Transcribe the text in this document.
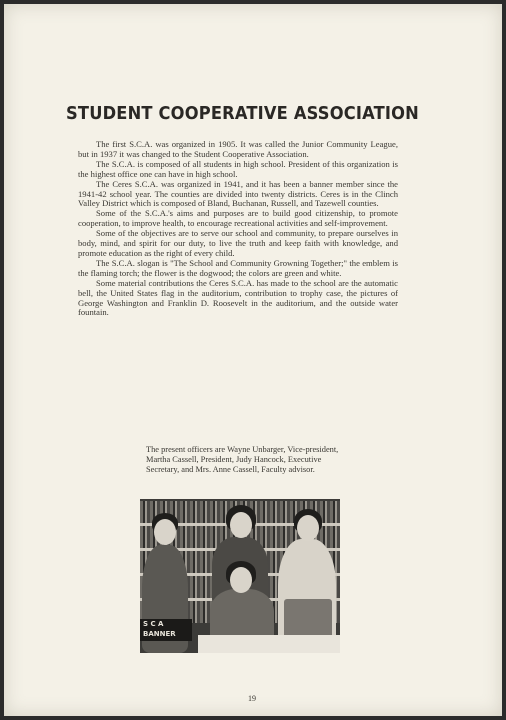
STUDENT COOPERATIVE ASSOCIATION

The first S.C.A. was organized in 1905. It was called the Junior Community League, but in 1937 it was changed to the Student Cooperative Association.

The S.C.A. is composed of all students in high school. President of this organization is the highest office one can have in high school.

The Ceres S.C.A. was organized in 1941, and it has been a banner member since the 1941-42 school year. The counties are divided into twenty districts. Ceres is in the Clinch Valley District which is composed of Bland, Buchanan, Russell, and Tazewell counties.

Some of the S.C.A.'s aims and purposes are to build good citizenship, to promote cooperation, to improve health, to encourage recreational activities and self-improvement.

Some of the objectives are to serve our school and community, to prepare ourselves in body, mind, and spirit for our duty, to live the truth and keep faith with knowledge, and promote education as the right of every child.

The S.C.A. slogan is "The School and Community Growning Together;" the emblem is the flaming torch; the flower is the dogwood; the colors are green and white.

Some material contributions the Ceres S.C.A. has made to the school are the automatic bell, the United States flag in the auditorium, contribution to trophy case, the pictures of George Washington and Franklin D. Roosevelt in the auditorium, and the outside water fountain.

The present officers are Wayne Unbarger, Vice-president, Martha Cassell, President, Judy Hancock, Executive Secretary, and Mrs. Anne Cassell, Faculty advisor.
S C A
BANNER
19
